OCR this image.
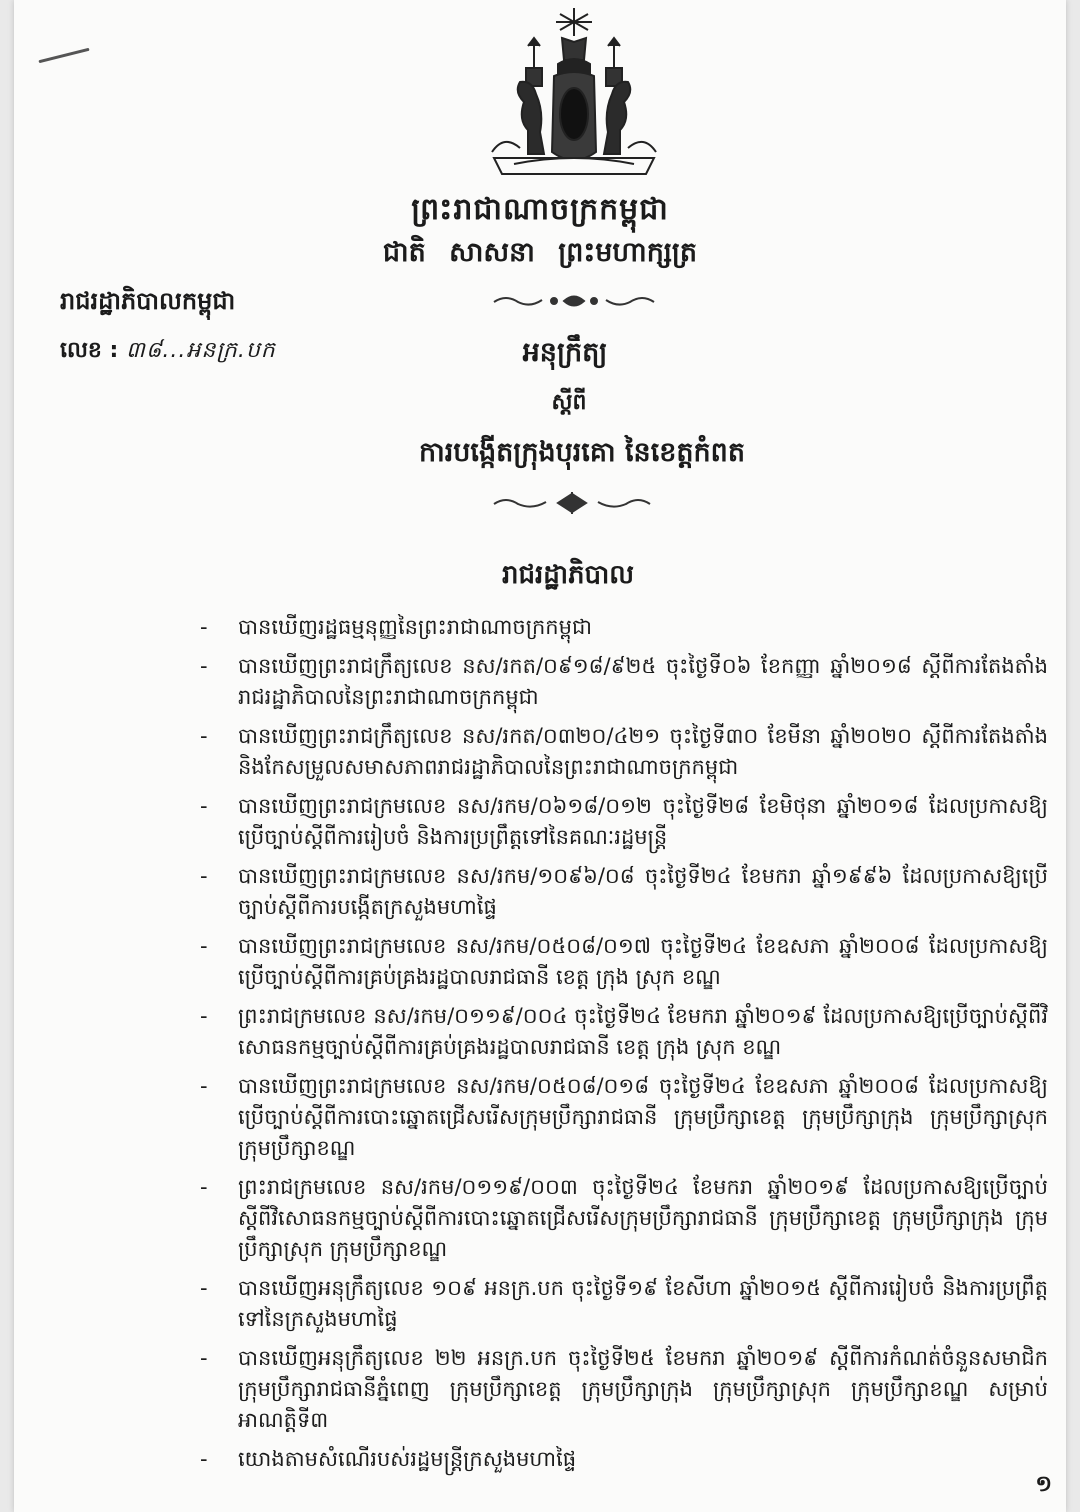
ព្រះរាជាណាចក្រកម្ពុជា
ជាតិ សាសនា ព្រះមហាក្សត្រ
រាជរដ្ឋាភិបាលកម្ពុជា
លេខ : ៣៨...អនក្រ.បក	អនុក្រឹត្យ
ស្តីពី
ការបង្កើតក្រុងបុរគោ នៃខេត្តកំពត
រាជរដ្ឋាភិបាល
- បានឃើញរដ្ឋធម្មនុញ្ញនៃព្រះរាជាណាចក្រកម្ពុជា
- បានឃើញព្រះរាជក្រឹត្យលេខ នស/រកត/០៩១៨/៩២៥ ចុះថ្ងៃទី០៦ ខែកញ្ញា ឆ្នាំ២០១៨ ស្តីពីការតែងតាំងរាជរដ្ឋាភិបាលនៃព្រះរាជាណាចក្រកម្ពុជា
- បានឃើញព្រះរាជក្រឹត្យលេខ នស/រកត/០៣២០/៤២១ ចុះថ្ងៃទី៣០ ខែមីនា ឆ្នាំ២០២០ ស្តីពីការតែងតាំង និងកែសម្រួលសមាសភាពរាជរដ្ឋាភិបាលនៃព្រះរាជាណាចក្រកម្ពុជា
- បានឃើញព្រះរាជក្រមលេខ នស/រកម/០៦១៨/០១២ ចុះថ្ងៃទី២៨ ខែមិថុនា ឆ្នាំ២០១៨ ដែលប្រកាសឱ្យប្រើច្បាប់ស្តីពីការរៀបចំ និងការប្រព្រឹត្តទៅនៃគណៈរដ្ឋមន្ត្រី
- បានឃើញព្រះរាជក្រមលេខ នស/រកម/១០៩៦/០៨ ចុះថ្ងៃទី២៤ ខែមករា ឆ្នាំ១៩៩៦ ដែលប្រកាសឱ្យប្រើច្បាប់ស្តីពីការបង្កើតក្រសួងមហាផ្ទៃ
- បានឃើញព្រះរាជក្រមលេខ នស/រកម/០៥០៨/០១៧ ចុះថ្ងៃទី២៤ ខែឧសភា ឆ្នាំ២០០៨ ដែលប្រកាសឱ្យប្រើច្បាប់ស្តីពីការគ្រប់គ្រងរដ្ឋបាលរាជធានី ខេត្ត ក្រុង ស្រុក ខណ្ឌ
- ព្រះរាជក្រមលេខ នស/រកម/០១១៩/០០៤ ចុះថ្ងៃទី២៤ ខែមករា ឆ្នាំ២០១៩ ដែលប្រកាសឱ្យប្រើច្បាប់ស្តីពីវិសោធនកម្មច្បាប់ស្តីពីការគ្រប់គ្រងរដ្ឋបាលរាជធានី ខេត្ត ក្រុង ស្រុក ខណ្ឌ
- បានឃើញព្រះរាជក្រមលេខ នស/រកម/០៥០៨/០១៨ ចុះថ្ងៃទី២៤ ខែឧសភា ឆ្នាំ២០០៨ ដែលប្រកាសឱ្យប្រើច្បាប់ស្តីពីការបោះឆ្នោតជ្រើសរើសក្រុមប្រឹក្សារាជធានី ក្រុមប្រឹក្សាខេត្ត ក្រុមប្រឹក្សាក្រុង ក្រុមប្រឹក្សាស្រុក ក្រុមប្រឹក្សាខណ្ឌ
- ព្រះរាជក្រមលេខ នស/រកម/០១១៩/០០៣ ចុះថ្ងៃទី២៤ ខែមករា ឆ្នាំ២០១៩ ដែលប្រកាសឱ្យប្រើច្បាប់ស្តីពីវិសោធនកម្មច្បាប់ស្តីពីការបោះឆ្នោតជ្រើសរើសក្រុមប្រឹក្សារាជធានី ក្រុមប្រឹក្សាខេត្ត ក្រុមប្រឹក្សាក្រុង ក្រុមប្រឹក្សាស្រុក ក្រុមប្រឹក្សាខណ្ឌ
- បានឃើញអនុក្រឹត្យលេខ ១០៩ អនក្រ.បក ចុះថ្ងៃទី១៩ ខែសីហា ឆ្នាំ២០១៥ ស្តីពីការរៀបចំ និងការប្រព្រឹត្តទៅនៃក្រសួងមហាផ្ទៃ
- បានឃើញអនុក្រឹត្យលេខ ២២ អនក្រ.បក ចុះថ្ងៃទី២៥ ខែមករា ឆ្នាំ២០១៩ ស្តីពីការកំណត់ចំនួនសមាជិកក្រុមប្រឹក្សារាជធានីភ្នំពេញ ក្រុមប្រឹក្សាខេត្ត ក្រុមប្រឹក្សាក្រុង ក្រុមប្រឹក្សាស្រុក ក្រុមប្រឹក្សាខណ្ឌ សម្រាប់អាណត្តិទី៣
- យោងតាមសំណើរបស់រដ្ឋមន្ត្រីក្រសួងមហាផ្ទៃ
១
